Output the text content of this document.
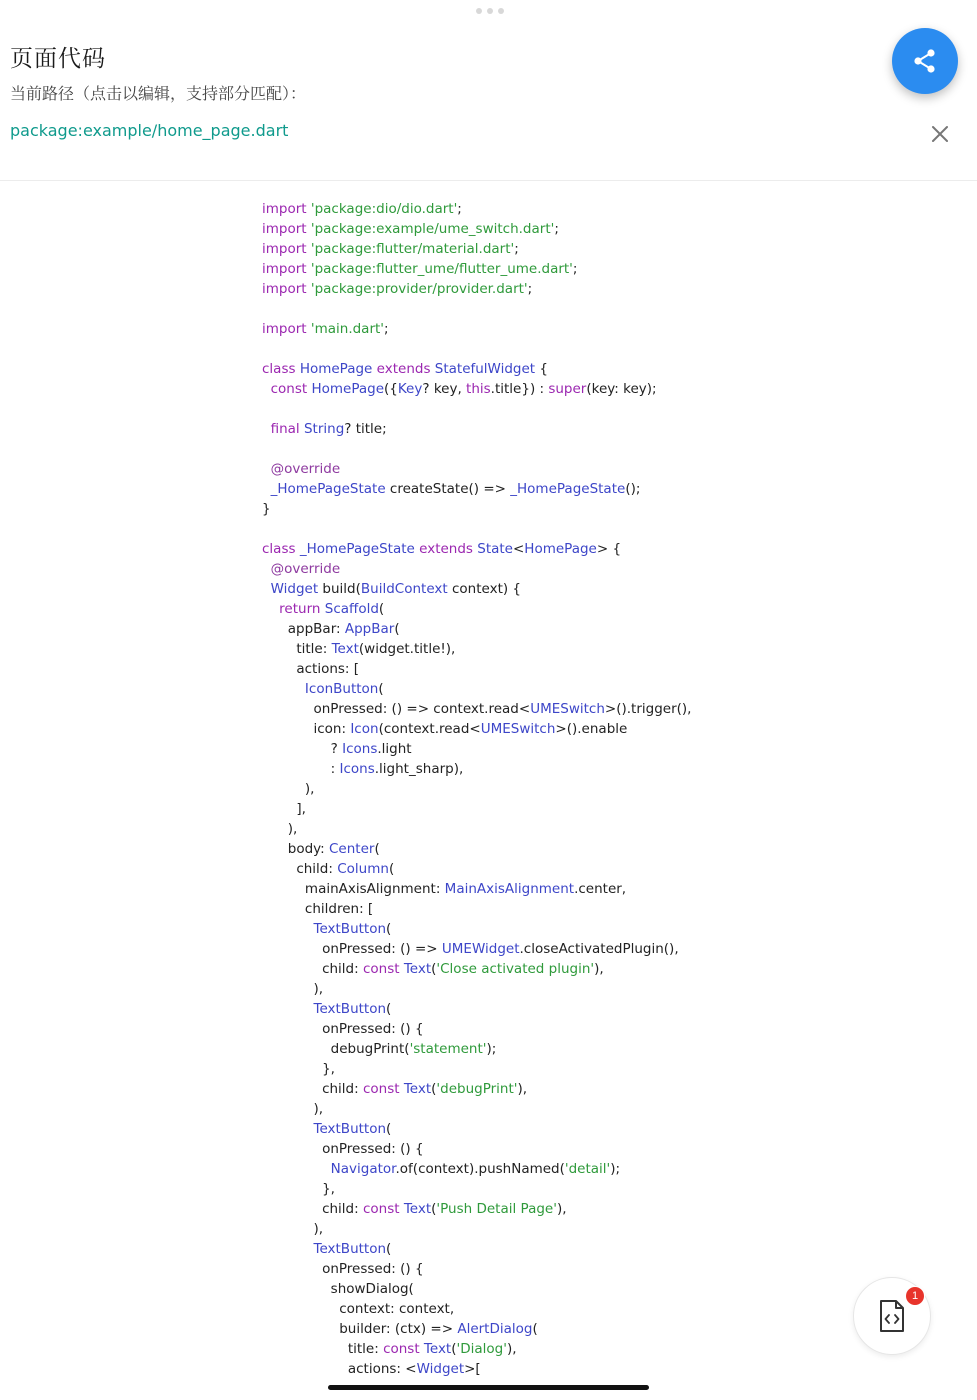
页面代码
当前路径（点击以编辑，支持部分匹配）：
package:example/home_page.dart
import 'package:dio/dio.dart';
import 'package:example/ume_switch.dart';
import 'package:flutter/material.dart';
import 'package:flutter_ume/flutter_ume.dart';
import 'package:provider/provider.dart';

import 'main.dart';

class HomePage extends StatefulWidget {
const HomePage({Key? key, this.title}) : super(key: key);

final String? title;

@override
_HomePageState createState() => _HomePageState();
}

class _HomePageState extends State<HomePage> {
@override
Widget build(BuildContext context) {
return Scaffold(
appBar: AppBar(
title: Text(widget.title!),
actions: [
IconButton(
onPressed: () => context.read<UMESwitch>().trigger(),
icon: Icon(context.read<UMESwitch>().enable
? Icons.light
: Icons.light_sharp),
),
],
),
body: Center(
child: Column(
mainAxisAlignment: MainAxisAlignment.center,
children: [
TextButton(
onPressed: () => UMEWidget.closeActivatedPlugin(),
child: const Text('Close activated plugin'),
),
TextButton(
onPressed: () {
debugPrint('statement');
},
child: const Text('debugPrint'),
),
TextButton(
onPressed: () {
Navigator.of(context).pushNamed('detail');
},
child: const Text('Push Detail Page'),
),
TextButton(
onPressed: () {
showDialog(
context: context,
builder: (ctx) => AlertDialog(
title: const Text('Dialog'),
actions: <Widget>[
1
